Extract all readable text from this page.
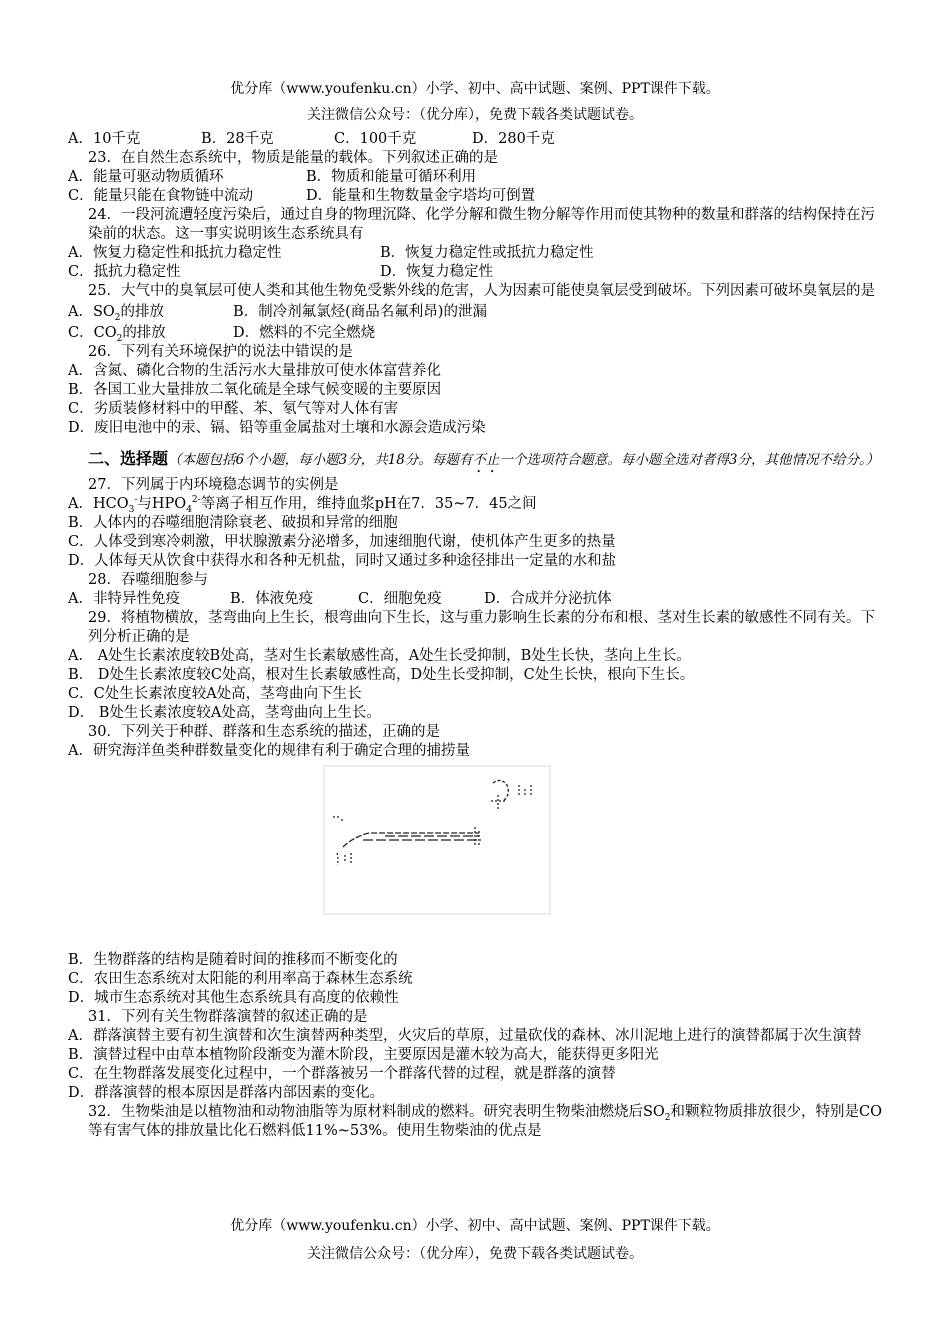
优分库（www.youfenku.cn）小学、初中、高中试题、案例、PPT课件下载。
关注微信公众号：（优分库），免费下载各类试题试卷。
A．10千克	B．28千克	C．100千克	D．280千克
23．在自然生态系统中，物质是能量的载体。下列叙述正确的是
A．能量可驱动物质循环	B．物质和能量可循环利用
C．能量只能在食物链中流动	D．能量和生物数量金字塔均可倒置
24．一段河流遭轻度污染后，通过自身的物理沉降、化学分解和微生物分解等作用而使其物种的数量和群落的结构保持在污染前的状态。这一事实说明该生态系统具有
A．恢复力稳定性和抵抗力稳定性	B．恢复力稳定性或抵抗力稳定性
C．抵抗力稳定性	D．恢复力稳定性
25．大气中的臭氧层可使人类和其他生物免受紫外线的危害，人为因素可能使臭氧层受到破坏。下列因素可破坏臭氧层的是
A．$SO_2$的排放	B．制冷剂氟氯烃(商品名氟利昂)的泄漏
C．$CO_2$的排放	D．燃料的不完全燃烧
26．下列有关环境保护的说法中错误的是
A．含氮、磷化合物的生活污水大量排放可使水体富营养化
B．各国工业大量排放二氧化硫是全球气候变暖的主要原因
C．劣质装修材料中的甲醛、苯、氡气等对人体有害
D．废旧电池中的汞、镉、铅等重金属盐对土壤和水源会造成污染
二、选择题（本题包括6个小题，每小题3分，共18分。每题有不止一个选项符合题意。每小题全选对者得3分，其他情况不给分。）
27．下列属于内环境稳态调节的实例是
A．$HCO_3^-$与$HPO_4^{2-}$等离子相互作用，维持血浆pH在7．35~7．45之间
B．人体内的吞噬细胞清除衰老、破损和异常的细胞
C．人体受到寒冷刺激，甲状腺激素分泌增多，加速细胞代谢，使机体产生更多的热量
D．人体每天从饮食中获得水和各种无机盐，同时又通过多种途径排出一定量的水和盐
28．吞噬细胞参与
A．非特异性免疫	B．体液免疫	C．细胞免疫	D．合成并分泌抗体
29．将植物横放，茎弯曲向上生长，根弯曲向下生长，这与重力影响生长素的分布和根、茎对生长素的敏感性不同有关。下列分析正确的是
A． A处生长素浓度较B处高，茎对生长素敏感性高，A处生长受抑制，B处生长快，茎向上生长。
B． D处生长素浓度较C处高，根对生长素敏感性高，D处生长受抑制，C处生长快，根向下生长。
C．C处生长素浓度较A处高，茎弯曲向下生长
D． B处生长素浓度较A处高，茎弯曲向上生长。
30．下列关于种群、群落和生态系统的描述，正确的是
A．研究海洋鱼类种群数量变化的规律有利于确定合理的捕捞量
B．生物群落的结构是随着时间的推移而不断变化的
C．农田生态系统对太阳能的利用率高于森林生态系统
D．城市生态系统对其他生态系统具有高度的依赖性
31．下列有关生物群落演替的叙述正确的是
A．群落演替主要有初生演替和次生演替两种类型，火灾后的草原，过量砍伐的森林、冰川泥地上进行的演替都属于次生演替
B．演替过程中由草本植物阶段渐变为灌木阶段，主要原因是灌木较为高大，能获得更多阳光
C．在生物群落发展变化过程中，一个群落被另一个群落代替的过程，就是群落的演替
D．群落演替的根本原因是群落内部因素的变化。
32．生物柴油是以植物油和动物油脂等为原材料制成的燃料。研究表明生物柴油燃烧后$SO_2$和颗粒物质排放很少，特别是CO等有害气体的排放量比化石燃料低11%~53%。使用生物柴油的优点是
优分库（www.youfenku.cn）小学、初中、高中试题、案例、PPT课件下载。
关注微信公众号：（优分库），免费下载各类试题试卷。
